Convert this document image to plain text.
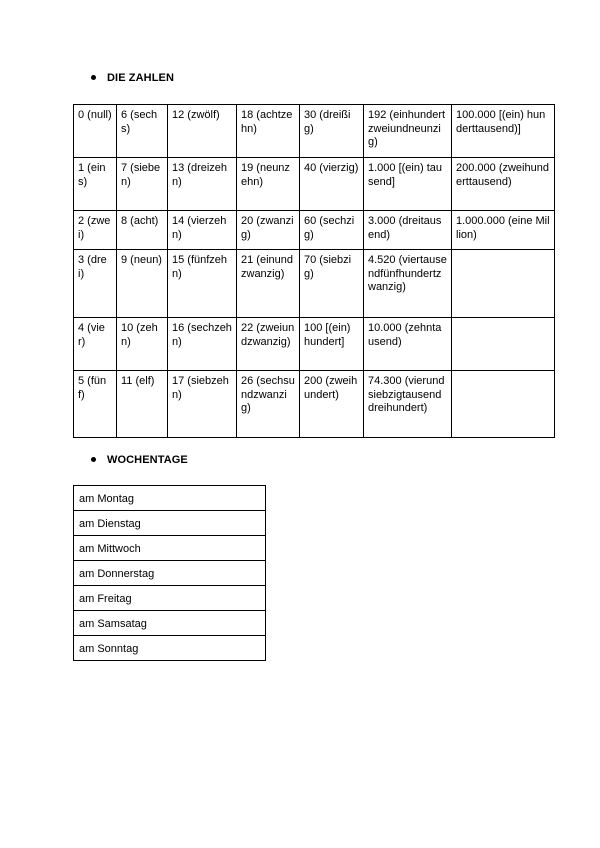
DIE ZAHLEN
0 (null)	6 (sechs)	12 (zwölf)	18 (achtzehn)	30 (dreißig)	192 (einhundertzweiundneunzig)	100.000 [(ein) hunderttausend)]
1 (eins)	7 (sieben)	13 (dreizehn)	19 (neunzehn)	40 (vierzig)	1.000 [(ein) tausend]	200.000 (zweihunderttausend)
2 (zwei)	8 (acht)	14 (vierzehn)	20 (zwanzig)	60 (sechzig)	3.000 (dreitausend)	1.000.000 (eine Million)
3 (drei)	9 (neun)	15 (fünfzehn)	21 (einundzwanzig)	70 (siebzig)	4.520 (viertausendfünfhundertzwanzig)	
4 (vier)	10 (zehn)	16 (sechzehn)	22 (zweiundzwanzig)	100 [(ein) hundert]	10.000 (zehntausend)	
5 (fünf)	11 (elf)	17 (siebzehn)	26 (sechsundzwanzig)	200 (zweihundert)	74.300 (vierundsiebzigtausenddreihundert)	
WOCHENTAGE
am Montag
am Dienstag
am Mittwoch
am Donnerstag
am Freitag
am Samsatag
am Sonntag
